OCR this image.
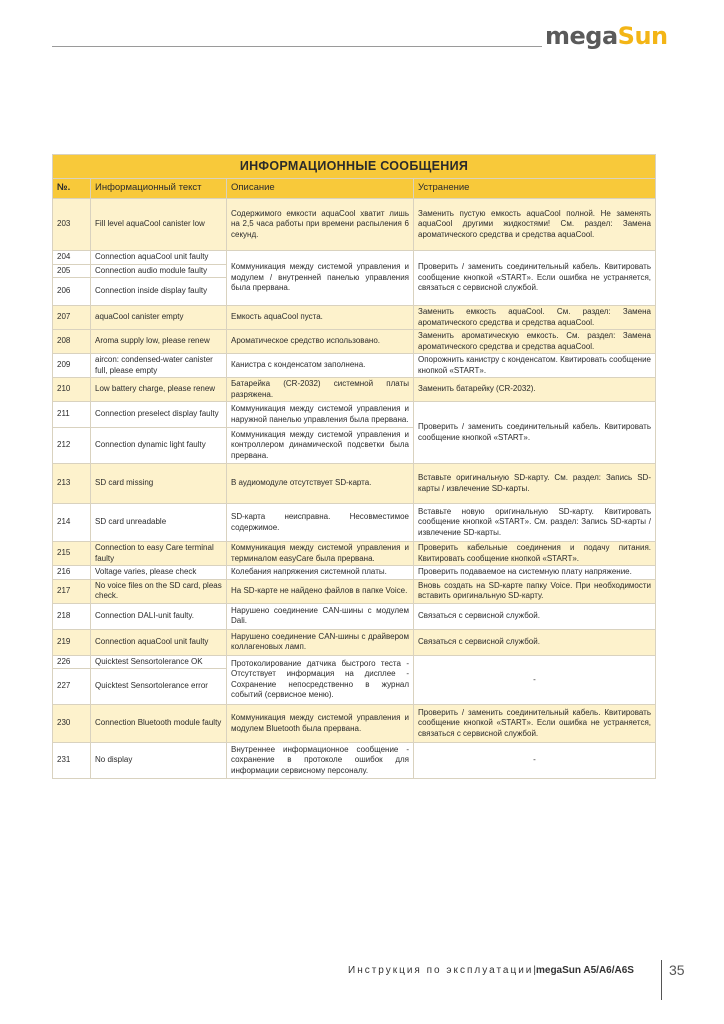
megaSun
ИНФОРМАЦИОННЫЕ СООБЩЕНИЯ			
№.	Информационный текст	Описание	Устранение
203	Fill level aquaCool canister low	Содержимого емкости aquaCool хватит лишь на 2,5 часа работы при времени распыления 6 секунд.	Заменить пустую емкость aquaCool полной. Не заменять aquaCool другими жидкостями! См. раздел: Замена ароматического средства и средства aquaCool.
204	Connection aquaCool unit faulty	Коммуникация между системой управления и модулем / внутренней панелью управления была прервана.	Проверить / заменить соединительный кабель. Квитировать сообщение кнопкой «START». Если ошибка не устраняется, связаться с сервисной службой.
205	Connection audio module faulty		
206	Connection inside display faulty		
207	aquaCool canister empty	Емкость aquaCool пуста.	Заменить емкость aquaCool. См. раздел: Замена ароматического средства и средства aquaCool.
208	Aroma supply low, please renew	Ароматическое средство использовано.	Заменить ароматическую емкость. См. раздел: Замена ароматического средства и средства aquaCool.
209	aircon: condensed-water canister full, please empty	Канистра с конденсатом заполнена.	Опорожнить канистру с конденсатом. Квитировать сообщение кнопкой «START».
210	Low battery charge, please renew	Батарейка (CR-2032) системной платы разряжена.	Заменить батарейку (CR-2032).
211	Connection preselect display faulty	Коммуникация между системой управления и наружной панелью управления была прервана.	Проверить / заменить соединительный кабель. Квитировать сообщение кнопкой «START».
212	Connection dynamic light faulty	Коммуникация между системой управления и контроллером динамической подсветки была прервана.	
213	SD card missing	В аудиомодуле отсутствует SD-карта.	Вставьте оригинальную SD-карту. См. раздел: Запись SD-карты / извлечение SD-карты.
214	SD card unreadable	SD-карта неисправна. Несовместимое содержимое.	Вставьте новую оригинальную SD-карту. Квитировать сообщение кнопкой «START». См. раздел: Запись SD-карты / извлечение SD-карты.
215	Connection to easy Care terminal faulty	Коммуникация между системой управления и терминалом easyCare была прервана.	Проверить кабельные соединения и подачу питания. Квитировать сообщение кнопкой «START».
216	Voltage varies, please check	Колебания напряжения системной платы.	Проверить подаваемое на системную плату напряжение.
217	No voice files on the SD card, pleas check.	На SD-карте не найдено файлов в папке Voice.	Вновь создать на SD-карте папку Voice. При необходимости вставить оригинальную SD-карту.
218	Connection DALI-unit faulty.	Нарушено соединение CAN-шины с модулем Dali.	Связаться с сервисной службой.
219	Connection aquaCool unit faulty	Нарушено соединение CAN-шины с драйвером коллагеновых ламп.	Связаться с сервисной службой.
226	Quicktest Sensortolerance OK	Протоколирование датчика быстрого теста - Отсутствует информация на дисплее - Сохранение непосредственно в журнал событий (сервисное меню).	-
227	Quicktest Sensortolerance error		
230	Connection Bluetooth module faulty	Коммуникация между системой управления и модулем Bluetooth была прервана.	Проверить / заменить соединительный кабель. Квитировать сообщение кнопкой «START». Если ошибка не устраняется, связаться с сервисной службой.
231	No display	Внутреннее информационное сообщение - сохранение в протоколе ошибок для информации сервисному персоналу.	-
Инструкция по эксплуатации|megaSun A5/A6/A6S	35
